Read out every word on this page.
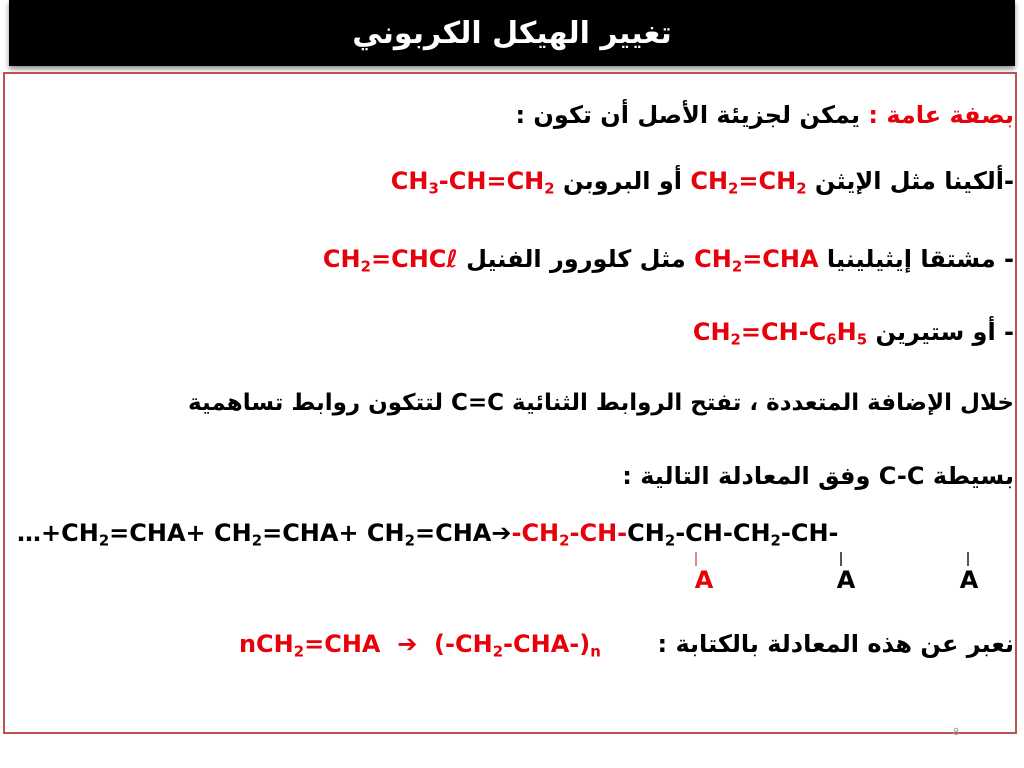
تغيير الهيكل الكربوني
بصفة عامة : يمكن لجزيئة الأصل أن تكون :
-ألكينا مثل الإيثن $CH_2=CH_2$ أو البروبن $CH_3-CH=CH_2$
- مشتقا إيثيلينيا $CH_2=CHA$ مثل كلورور الفنيل $CH_2=CHC\ell$
- أو ستيرين $CH_2=CH-C_6H_5$
خلال الإضافة المتعددة ، تفتح الروابط الثنائية C=C لتتكون روابط تساهمية
بسيطة C-C وفق المعادلة التالية :
$\dots+CH_2=CHA+ CH_2=CHA+$ $CH_2=CHA➔-CH_2-CH-CH_2-CH-CH_2-CH-$
A	A	A
نعبر عن هذه المعادلة بالكتابة :  nCH$_2$=CHA ➔ $(-CH_2-CHA-)_n$
8
